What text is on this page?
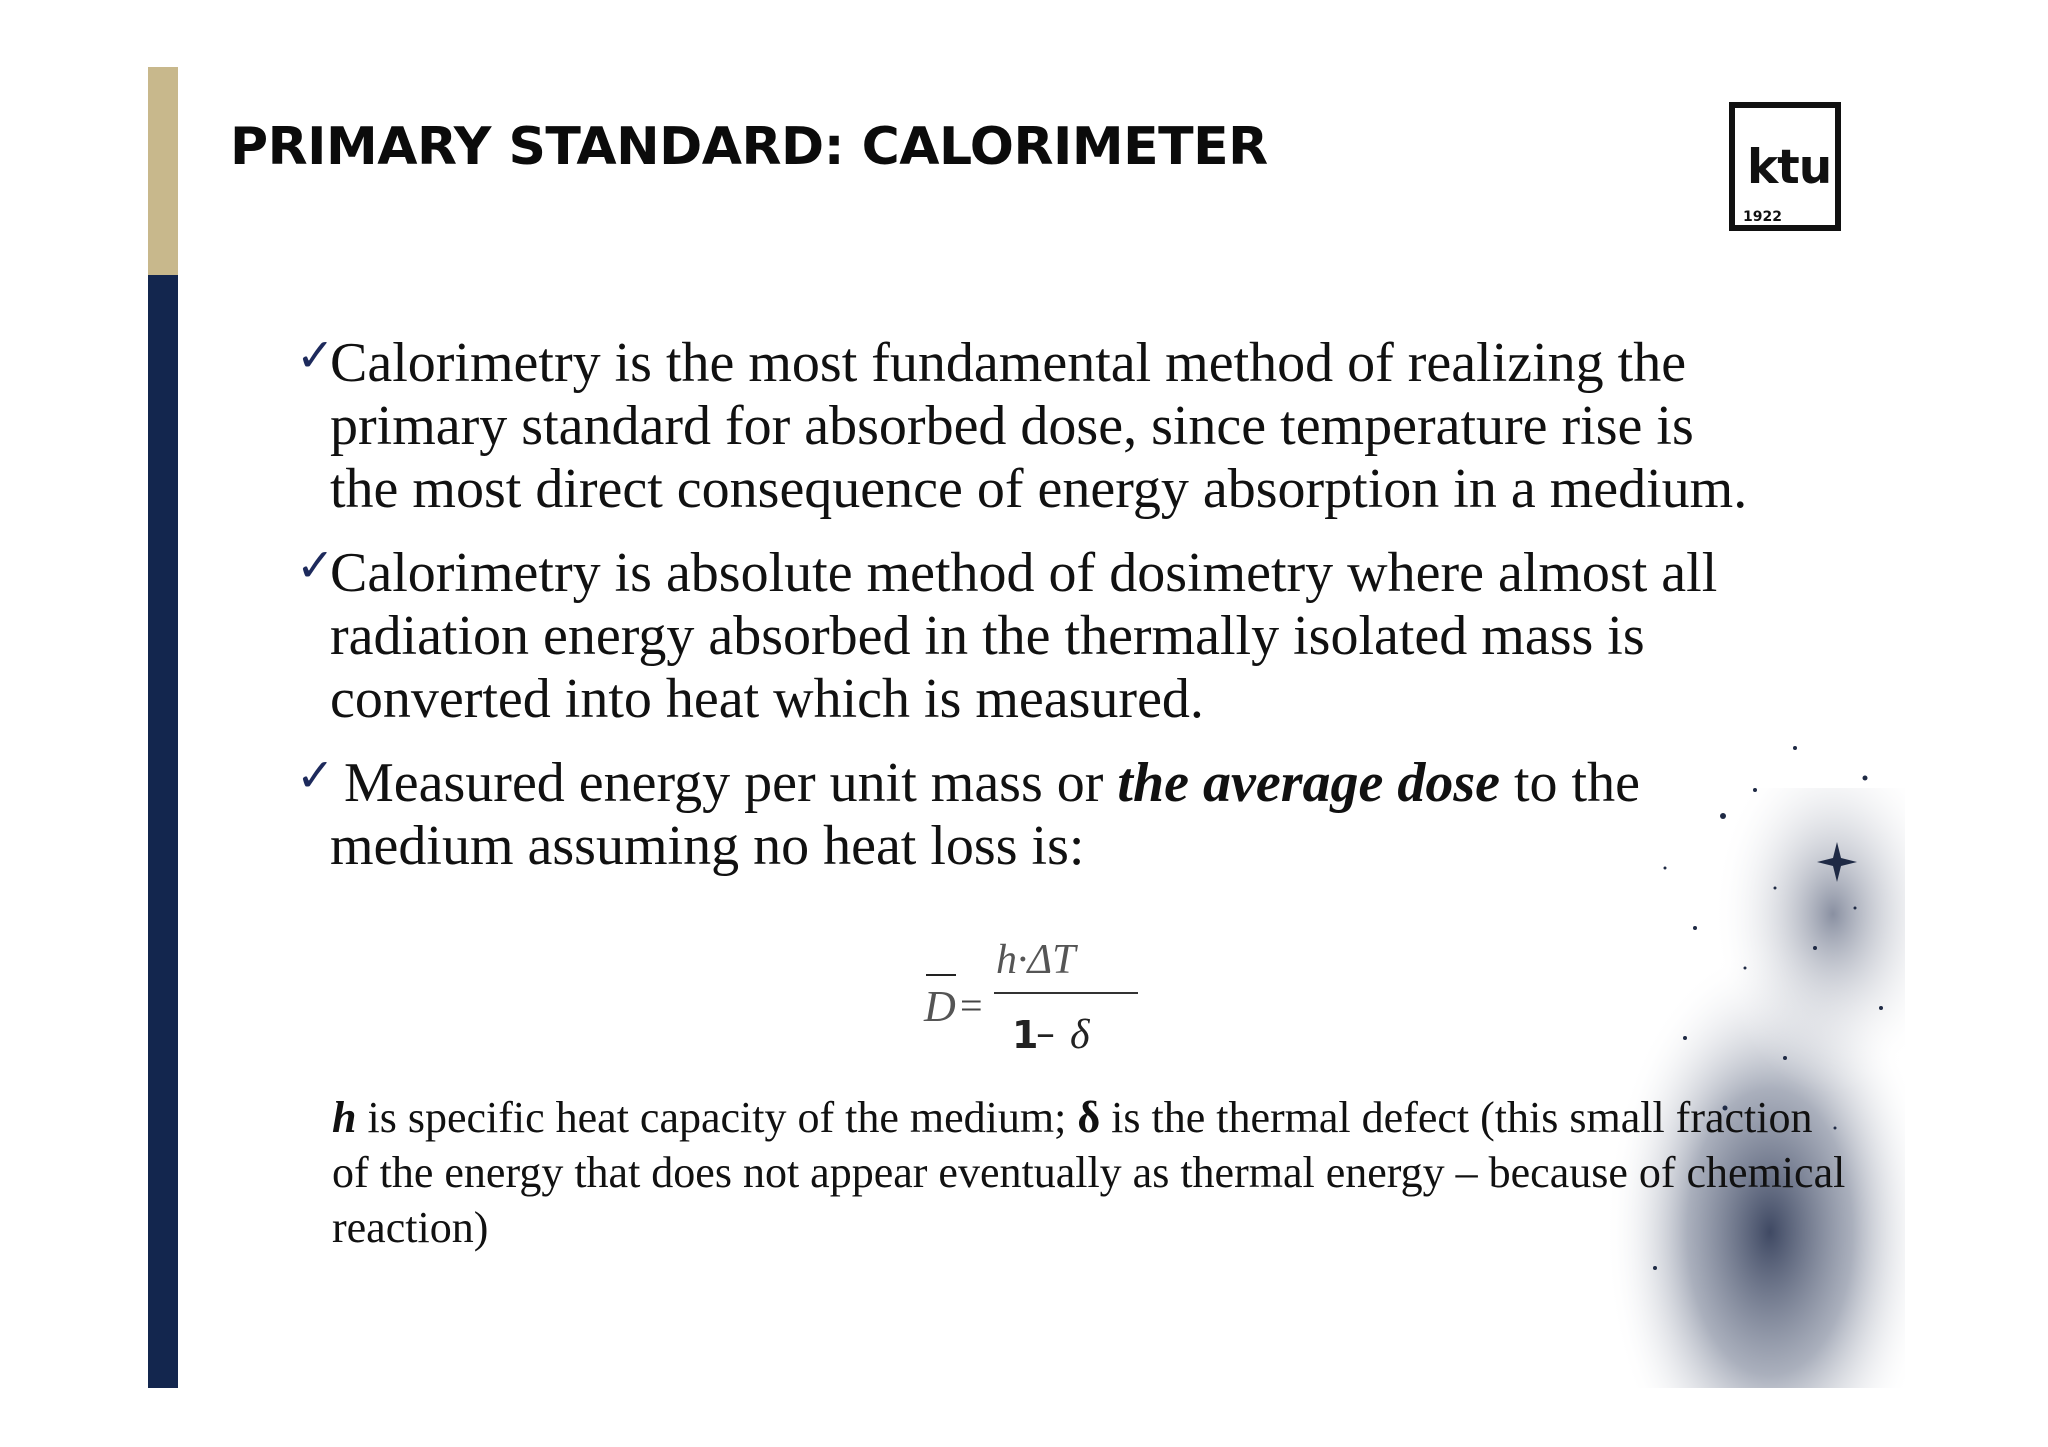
PRIMARY STANDARD: CALORIMETER	ktu
1922
✓
Calorimetry is the most fundamental method of realizing the primary standard for absorbed dose, since temperature rise is the most direct consequence of energy absorption in a medium.
✓
Calorimetry is absolute method of dosimetry where almost all radiation energy absorbed in the thermally isolated mass is converted into heat which is measured.
✓ Measured energy per unit mass or the average dose to the medium assuming no heat loss is:
D =
h·ΔT
1
– δ

h is specific heat capacity of the medium; δ is the thermal defect (this small fraction of the energy that does not appear eventually as thermal energy – because of chemical reaction)
